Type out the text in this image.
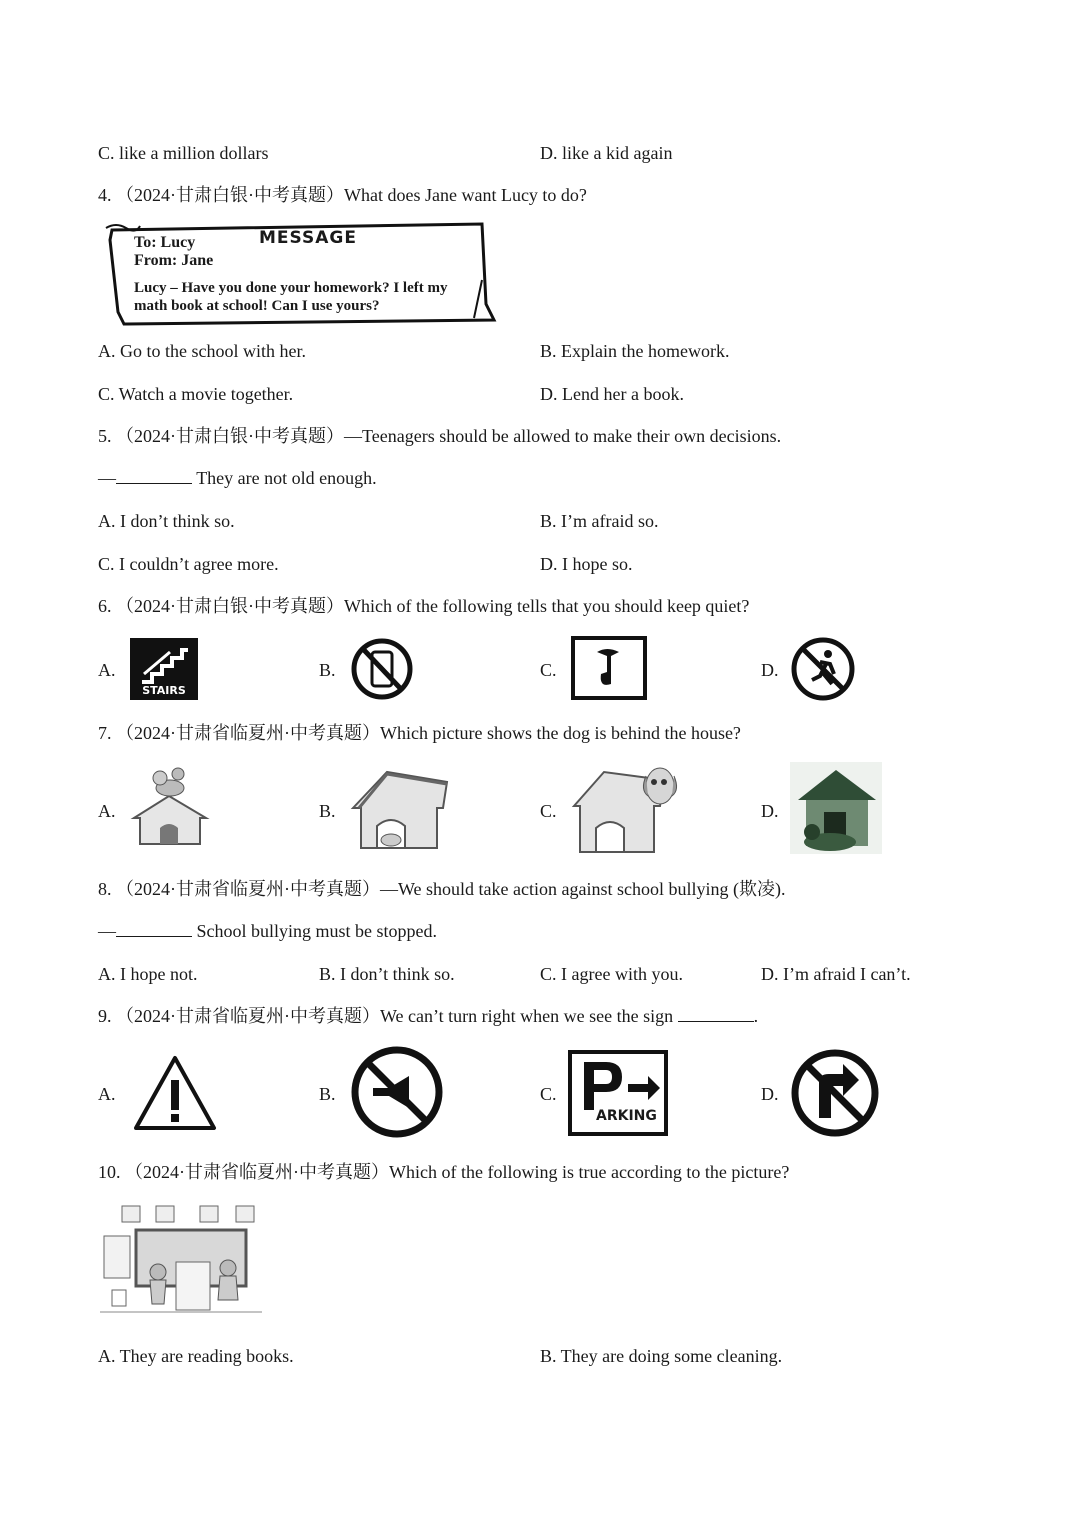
C. like a million dollars	D. like a kid again
4. （2024·甘肃白银·中考真题）What does Jane want Lucy to do?
MESSAGE
To: Lucy
From: Jane
Lucy – Have you done your homework? I left my
math book at school! Can I use yours?
A. Go to the school with her.	B. Explain the homework.
C. Watch a movie together.	D. Lend her a book.
5. （2024·甘肃白银·中考真题）—Teenagers should be allowed to make their own decisions.
—	They are not old enough.
A. I don’t think so.	B. I’m afraid so.
C. I couldn’t agree more.	D. I hope so.
6. （2024·甘肃白银·中考真题）Which of the following tells that you should keep quiet?
A.	B.	C.	D.
STAIRS
7. （2024·甘肃省临夏州·中考真题）Which picture shows the dog is behind the house?
A.	B.	C.	D.
8. （2024·甘肃省临夏州·中考真题）—We should take action against school bullying (欺凌).
—	School bullying must be stopped.
A. I hope not.	B. I don’t think so.	C. I agree with you.	D. I’m afraid I can’t.
9. （2024·甘肃省临夏州·中考真题）We can’t turn right when we see the sign	.
A.	B.	C.	D.
ARKING
10. （2024·甘肃省临夏州·中考真题）Which of the following is true according to the picture?
A. They are reading books.	B. They are doing some cleaning.
